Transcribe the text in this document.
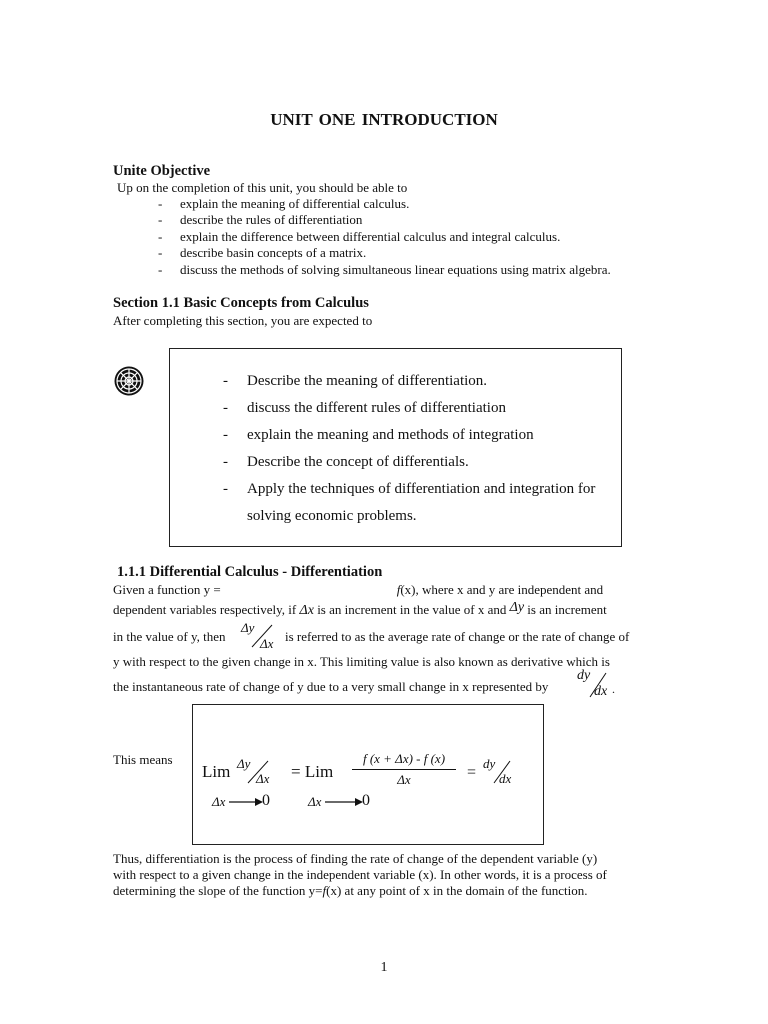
UNIT ONE INTRODUCTION
Unite Objective
Up on the completion of this unit, you should be able to
- explain the meaning of differential calculus.
- describe the rules of differentiation
- explain the difference between differential calculus and integral calculus.
- describe basin concepts of a matrix.
- discuss the methods of solving simultaneous linear equations using matrix algebra.
Section 1.1 Basic Concepts from Calculus
After completing this section, you are expected to
- Describe the meaning of differentiation.
- discuss the different rules of differentiation
- explain the meaning and methods of integration
- Describe the concept of differentials.
- Apply the techniques of differentiation and integration for
solving economic problems.
1.1.1 Differential Calculus - Differentiation
Given a function y =	f(x), where x and y are independent and
dependent variables respectively, if Δx is an increment in the value of x and Δy is an increment
in the value of y, then
Δy
Δx is referred to as the average rate of change or the rate of change of
y with respect to the given change in x. This limiting value is also known as derivative which is
the instantaneous rate of change of y due to a very small change in x represented by
dy
dx .
This means
Lim Δy
Δx = Lim $\frac{f (x + \Delta x) - f (x)}{\Delta x}$ =
dy
dx
Δx 0	Δx	0
Thus, differentiation is the process of finding the rate of change of the dependent variable (y)
with respect to a given change in the independent variable (x). In other words, it is a process of
determining the slope of the function y=f(x) at any point of x in the domain of the function.
1
